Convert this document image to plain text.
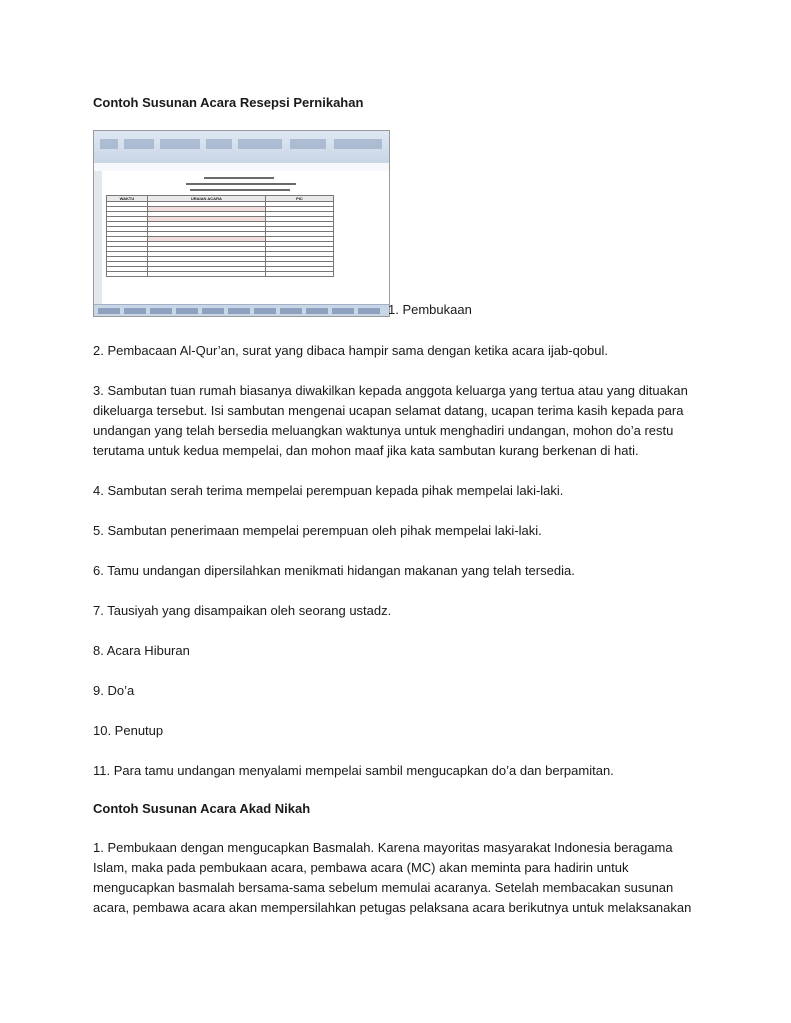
Contoh Susunan Acara Resepsi Pernikahan
WAKTU	URAIAN ACARA	PIC

1. Pembukaan
2. Pembacaan Al-Qur’an, surat yang dibaca hampir sama dengan ketika acara ijab-qobul.
3. Sambutan tuan rumah biasanya diwakilkan kepada anggota keluarga yang tertua atau yang dituakan dikeluarga tersebut. Isi sambutan mengenai ucapan selamat datang, ucapan terima kasih kepada para undangan yang telah bersedia meluangkan waktunya untuk menghadiri undangan, mohon do’a restu terutama untuk kedua mempelai, dan mohon maaf jika kata sambutan kurang berkenan di hati.
4. Sambutan serah terima mempelai perempuan kepada pihak mempelai laki-laki.
5. Sambutan penerimaan mempelai perempuan oleh pihak mempelai laki-laki.
6. Tamu undangan dipersilahkan menikmati hidangan makanan yang telah tersedia.
7. Tausiyah yang disampaikan oleh seorang ustadz.
8. Acara Hiburan
9. Do’a
10. Penutup
11. Para tamu undangan menyalami mempelai sambil mengucapkan do’a dan berpamitan.
Contoh Susunan Acara Akad Nikah
1. Pembukaan dengan mengucapkan Basmalah. Karena mayoritas masyarakat Indonesia beragama Islam, maka pada pembukaan acara, pembawa acara (MC) akan meminta para hadirin untuk mengucapkan basmalah bersama-sama sebelum memulai acaranya. Setelah membacakan susunan acara, pembawa acara akan mempersilahkan petugas pelaksana acara berikutnya untuk melaksanakan
